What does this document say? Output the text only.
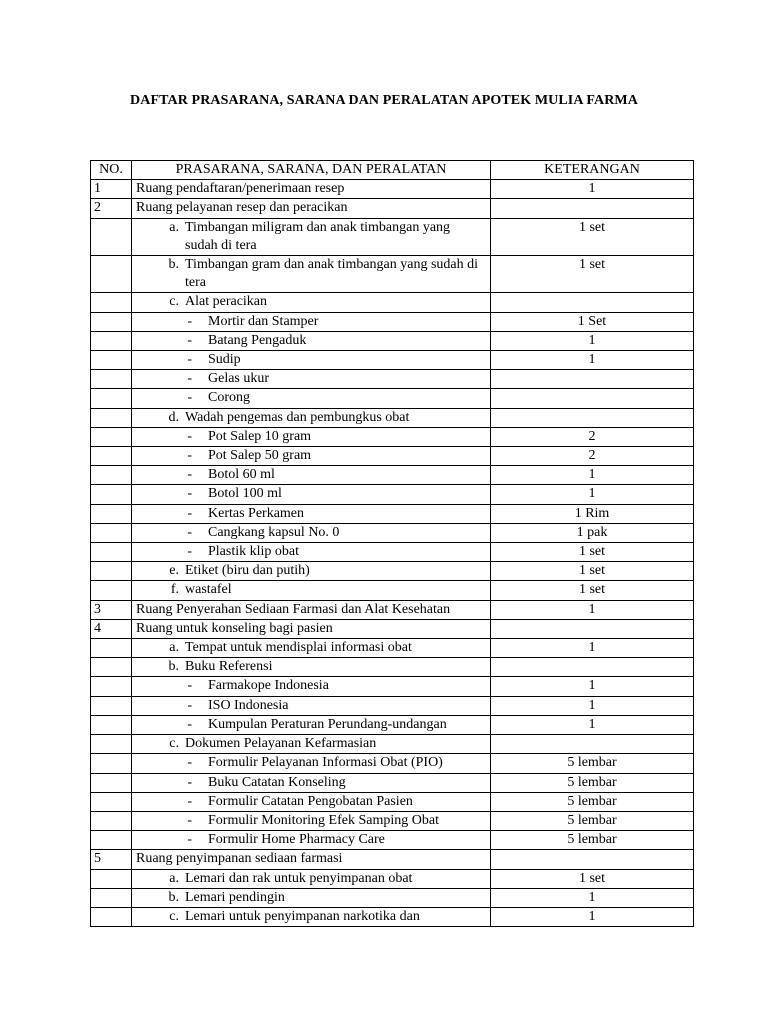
DAFTAR PRASARANA, SARANA DAN PERALATAN APOTEK MULIA FARMA
NO.	PRASARANA, SARANA, DAN PERALATAN	KETERANGAN
1	Ruang pendaftaran/penerimaan resep	1
2	Ruang pelayanan resep dan peracikan	

	a. Timbangan miligram dan anak timbangan yang sudah di tera	1 set

	b. Timbangan gram dan anak timbangan yang sudah di tera	1 set

	c. Alat peracikan	

	- Mortir dan Stamper	1 Set

	- Batang Pengaduk	1

	- Sudip	1

	- Gelas ukur	

	- Corong	

	d. Wadah pengemas dan pembungkus obat	

	- Pot Salep 10 gram	2

	- Pot Salep 50 gram	2

	- Botol 60 ml	1

	- Botol 100 ml	1

	- Kertas Perkamen	1 Rim

	- Cangkang kapsul No. 0	1 pak

	- Plastik klip obat	1 set

	e. Etiket (biru dan putih)	1 set

	f. wastafel	1 set
3	Ruang Penyerahan Sediaan Farmasi dan Alat Kesehatan	1
4	Ruang untuk konseling bagi pasien	

	a. Tempat untuk mendisplai informasi obat	1

	b. Buku Referensi	

	- Farmakope Indonesia	1

	- ISO Indonesia	1

	- Kumpulan Peraturan Perundang-undangan	1

	c. Dokumen Pelayanan Kefarmasian	

	- Formulir Pelayanan Informasi Obat (PIO)	5 lembar

	- Buku Catatan Konseling	5 lembar

	- Formulir Catatan Pengobatan Pasien	5 lembar

	- Formulir Monitoring Efek Samping Obat	5 lembar

	- Formulir Home Pharmacy Care	5 lembar
5	Ruang penyimpanan sediaan farmasi	

	a. Lemari dan rak untuk penyimpanan obat	1 set

	b. Lemari pendingin	1

	c. Lemari untuk penyimpanan narkotika dan	1
